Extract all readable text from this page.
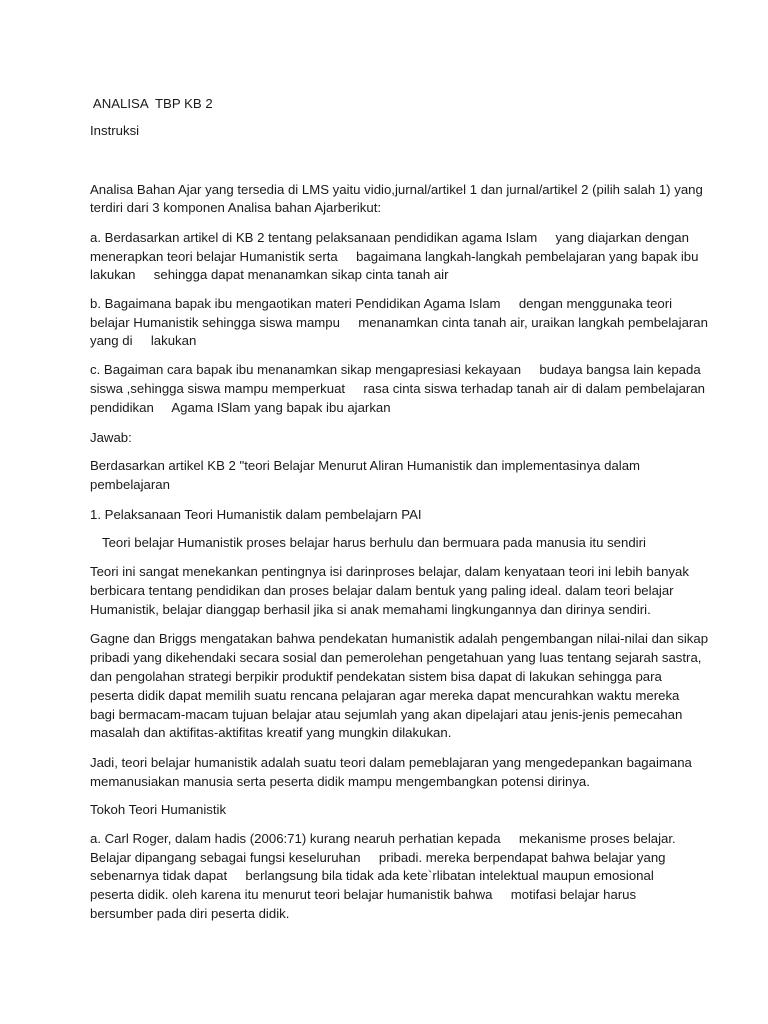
ANALISA  TBP KB 2

Instruksi

Analisa Bahan Ajar yang tersedia di LMS yaitu vidio,jurnal/artikel 1 dan jurnal/artikel 2 (pilih salah 1) yang

terdiri dari 3 komponen Analisa bahan Ajarberikut:

a. Berdasarkan artikel di KB 2 tentang pelaksanaan pendidikan agama Islam     yang diajarkan dengan

menerapkan teori belajar Humanistik serta     bagaimana langkah-langkah pembelajaran yang bapak ibu

lakukan     sehingga dapat menanamkan sikap cinta tanah air

b. Bagaimana bapak ibu mengaotikan materi Pendidikan Agama Islam     dengan menggunaka teori

belajar Humanistik sehingga siswa mampu     menanamkan cinta tanah air, uraikan langkah pembelajaran

yang di     lakukan

c. Bagaiman cara bapak ibu menanamkan sikap mengapresiasi kekayaan     budaya bangsa lain kepada

siswa ,sehingga siswa mampu memperkuat     rasa cinta siswa terhadap tanah air di dalam pembelajaran

pendidikan     Agama ISlam yang bapak ibu ajarkan

Jawab:

Berdasarkan artikel KB 2 "teori Belajar Menurut Aliran Humanistik dan implementasinya dalam

pembelajaran

1. Pelaksanaan Teori Humanistik dalam pembelajarn PAI

Teori belajar Humanistik proses belajar harus berhulu dan bermuara pada manusia itu sendiri

Teori ini sangat menekankan pentingnya isi darinproses belajar, dalam kenyataan teori ini lebih banyak

berbicara tentang pendidikan dan proses belajar dalam bentuk yang paling ideal. dalam teori belajar

Humanistik, belajar dianggap berhasil jika si anak memahami lingkungannya dan dirinya sendiri.

Gagne dan Briggs mengatakan bahwa pendekatan humanistik adalah pengembangan nilai-nilai dan sikap

pribadi yang dikehendaki secara sosial dan pemerolehan pengetahuan yang luas tentang sejarah sastra,

dan pengolahan strategi berpikir produktif pendekatan sistem bisa dapat di lakukan sehingga para

peserta didik dapat memilih suatu rencana pelajaran agar mereka dapat mencurahkan waktu mereka

bagi bermacam-macam tujuan belajar atau sejumlah yang akan dipelajari atau jenis-jenis pemecahan

masalah dan aktifitas-aktifitas kreatif yang mungkin dilakukan.

Jadi, teori belajar humanistik adalah suatu teori dalam pemeblajaran yang mengedepankan bagaimana

memanusiakan manusia serta peserta didik mampu mengembangkan potensi dirinya.

Tokoh Teori Humanistik

a. Carl Roger, dalam hadis (2006:71) kurang nearuh perhatian kepada     mekanisme proses belajar.

Belajar dipangang sebagai fungsi keseluruhan     pribadi. mereka berpendapat bahwa belajar yang

sebenarnya tidak dapat     berlangsung bila tidak ada kete`rlibatan intelektual maupun emosional

peserta didik. oleh karena itu menurut teori belajar humanistik bahwa     motifasi belajar harus

bersumber pada diri peserta didik.
